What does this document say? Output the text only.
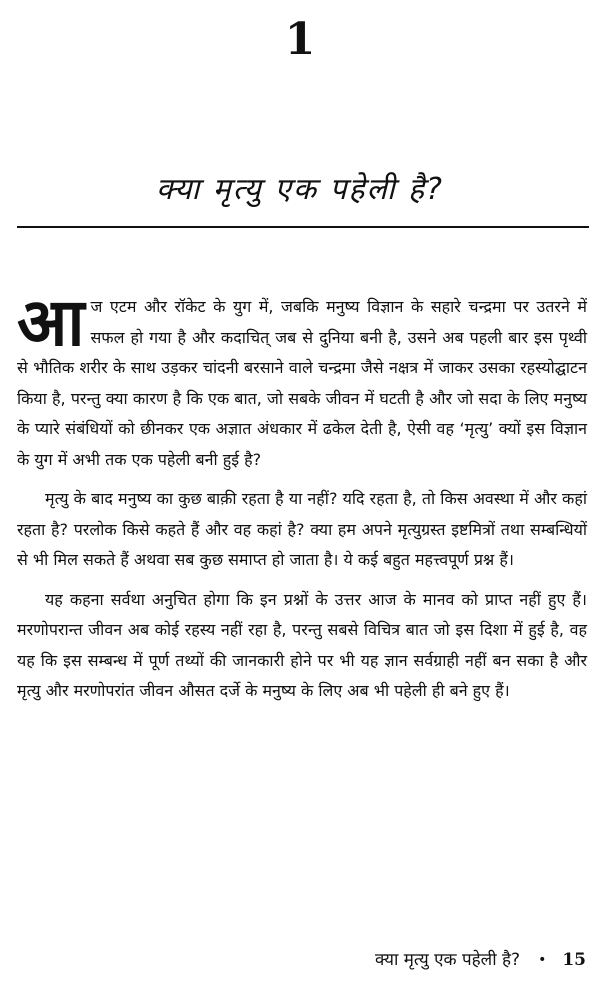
1
क्या मृत्यु एक पहेली है?

आज एटम और रॉकेट के युग में, जबकि मनुष्य विज्ञान के सहारे चन्द्रमा पर उतरने में सफल हो गया है और कदाचित् जब से दुनिया बनी है, उसने अब पहली बार इस पृथ्वी से भौतिक शरीर के साथ उड़कर चांदनी बरसाने वाले चन्द्रमा जैसे नक्षत्र में जाकर उसका रहस्योद्घाटन किया है, परन्तु क्या कारण है कि एक बात, जो सबके जीवन में घटती है और जो सदा के लिए मनुष्य के प्यारे संबंधियों को छीनकर एक अज्ञात अंधकार में ढकेल देती है, ऐसी वह ‘मृत्यु’ क्यों इस विज्ञान के युग में अभी तक एक पहेली बनी हुई है?

मृत्यु के बाद मनुष्य का कुछ बाक़ी रहता है या नहीं? यदि रहता है, तो किस अवस्था में और कहां रहता है? परलोक किसे कहते हैं और वह कहां है? क्या हम अपने मृत्युग्रस्त इष्टमित्रों तथा सम्बन्धियों से भी मिल सकते हैं अथवा सब कुछ समाप्त हो जाता है। ये कई बहुत महत्त्वपूर्ण प्रश्न हैं।

यह कहना सर्वथा अनुचित होगा कि इन प्रश्नों के उत्तर आज के मानव को प्राप्त नहीं हुए हैं। मरणोपरान्त जीवन अब कोई रहस्य नहीं रहा है, परन्तु सबसे विचित्र बात जो इस दिशा में हुई है, वह यह कि इस सम्बन्ध में पूर्ण तथ्यों की जानकारी होने पर भी यह ज्ञान सर्वग्राही नहीं बन सका है और मृत्यु और मरणोपरांत जीवन औसत दर्जे के मनुष्य के लिए अब भी पहेली ही बने हुए हैं।

क्या मृत्यु एक पहेली है? • 15
